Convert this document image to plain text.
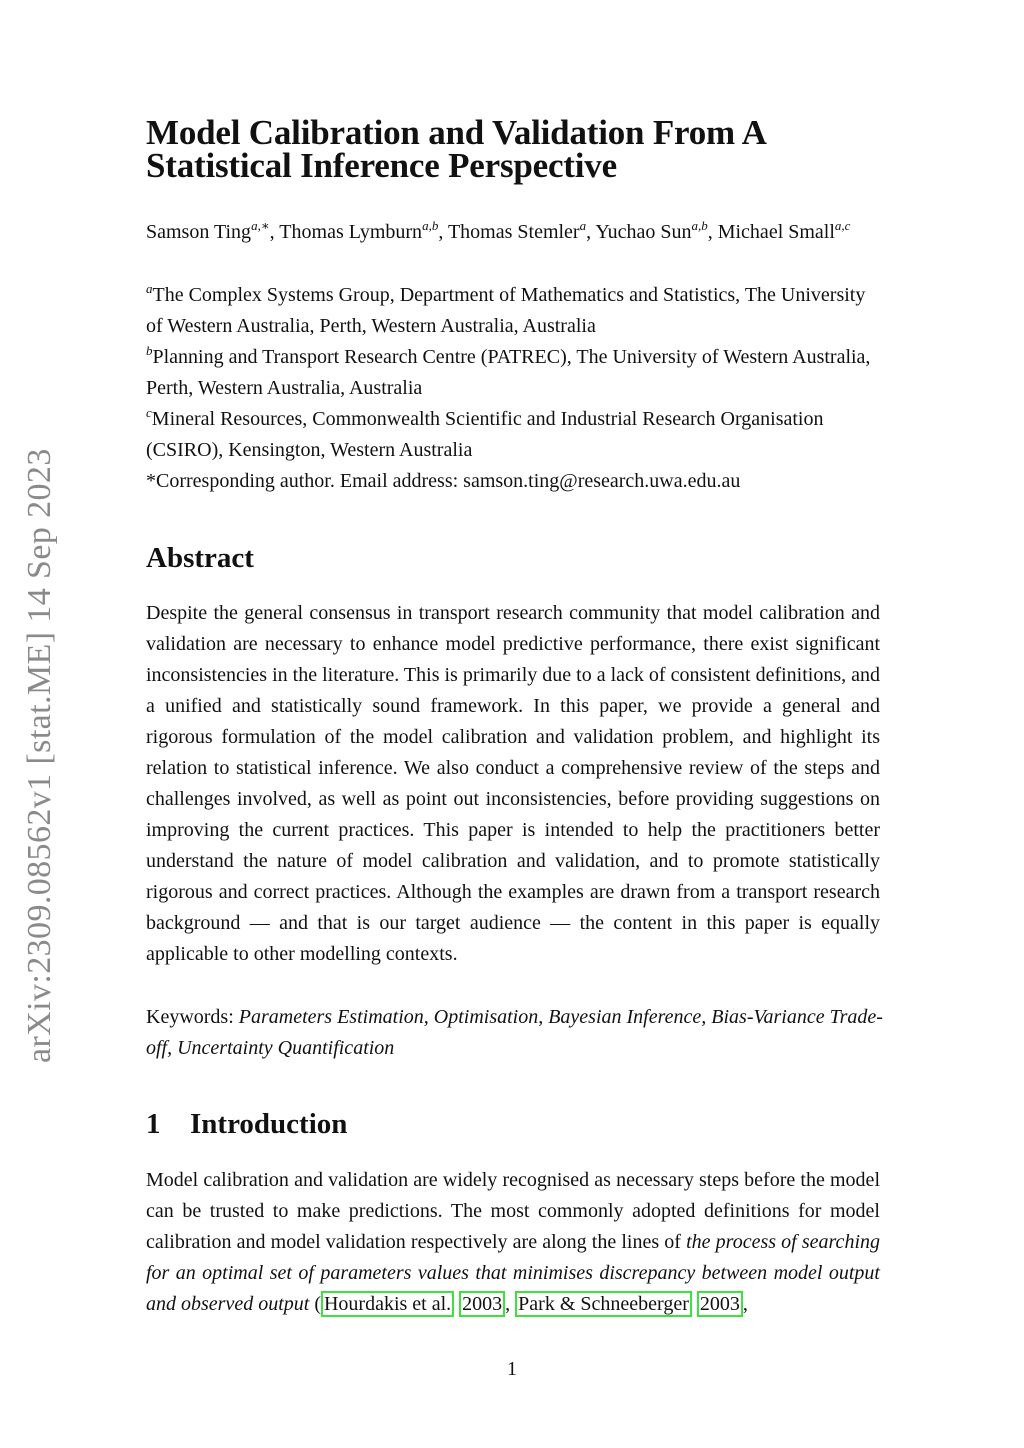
arXiv:2309.08562v1 [stat.ME] 14 Sep 2023
Model Calibration and Validation From A Statistical Inference Perspective

Samson Ting$^{a,∗}$, Thomas Lymburn$^{a,b}$, Thomas Stemler$^a$, Yuchao Sun$^{a,b}$, Michael Small$^{a,c}$

$^a$The Complex Systems Group, Department of Mathematics and Statistics, The University of Western Australia, Perth, Western Australia, Australia

$^b$Planning and Transport Research Centre (PATREC), The University of Western Australia, Perth, Western Australia, Australia

$^c$Mineral Resources, Commonwealth Scientific and Industrial Research Organisation (CSIRO), Kensington, Western Australia

*Corresponding author. Email address: samson.ting@research.uwa.edu.au

Abstract

Despite the general consensus in transport research community that model calibration and validation are necessary to enhance model predictive performance, there exist significant inconsistencies in the literature. This is primarily due to a lack of consistent definitions, and a unified and statistically sound framework. In this paper, we provide a general and rigorous formulation of the model calibration and validation problem, and highlight its relation to statistical inference. We also conduct a comprehensive review of the steps and challenges involved, as well as point out inconsistencies, before providing suggestions on improving the current practices. This paper is intended to help the practitioners better understand the nature of model calibration and validation, and to promote statistically rigorous and correct practices. Although the examples are drawn from a transport research background — and that is our target audience — the content in this paper is equally applicable to other modelling contexts.

Keywords: Parameters Estimation, Optimisation, Bayesian Inference, Bias-Variance Trade-off, Uncertainty Quantification

1 Introduction

Model calibration and validation are widely recognised as necessary steps before the model can be trusted to make predictions. The most commonly adopted definitions for model calibration and model validation respectively are along the lines of the process of searching for an optimal set of parameters values that minimises discrepancy between model output and observed output ( Hourdakis et al. 2003 , Park & Schneeberger 2003 ,

1
